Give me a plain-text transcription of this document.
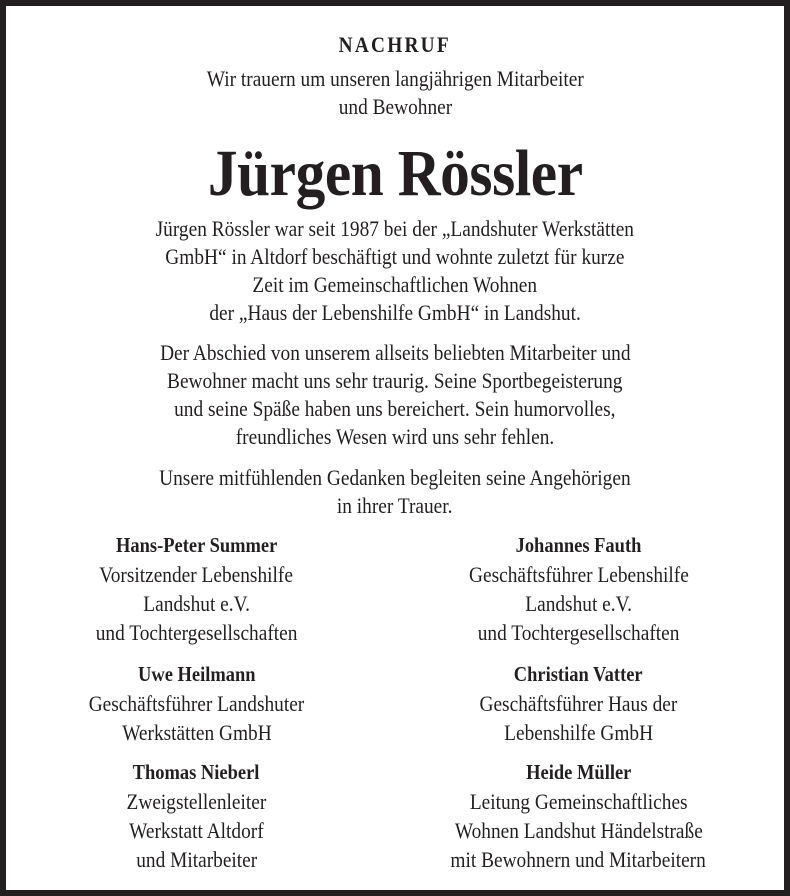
NACHRUF
Wir trauern um unseren langjährigen Mitarbeiter
und Bewohner
Jürgen Rössler
Jürgen Rössler war seit 1987 bei der „Landshuter Werkstätten
GmbH“ in Altdorf beschäftigt und wohnte zuletzt für kurze
Zeit im Gemeinschaftlichen Wohnen
der „Haus der Lebenshilfe GmbH“ in Landshut.
Der Abschied von unserem allseits beliebten Mitarbeiter und
Bewohner macht uns sehr traurig. Seine Sportbegeisterung
und seine Späße haben uns bereichert. Sein humorvolles,
freundliches Wesen wird uns sehr fehlen.
Unsere mitfühlenden Gedanken begleiten seine Angehörigen
in ihrer Trauer.
Hans-Peter Summer
Vorsitzender Lebenshilfe
Landshut e.V.
und Tochtergesellschaften
Johannes Fauth
Geschäftsführer Lebenshilfe
Landshut e.V.
und Tochtergesellschaften
Uwe Heilmann
Geschäftsführer Landshuter
Werkstätten GmbH
Christian Vatter
Geschäftsführer Haus der
Lebenshilfe GmbH
Thomas Nieberl
Zweigstellenleiter
Werkstatt Altdorf
und Mitarbeiter
Heide Müller
Leitung Gemeinschaftliches
Wohnen Landshut Händelstraße
mit Bewohnern und Mitarbeitern
